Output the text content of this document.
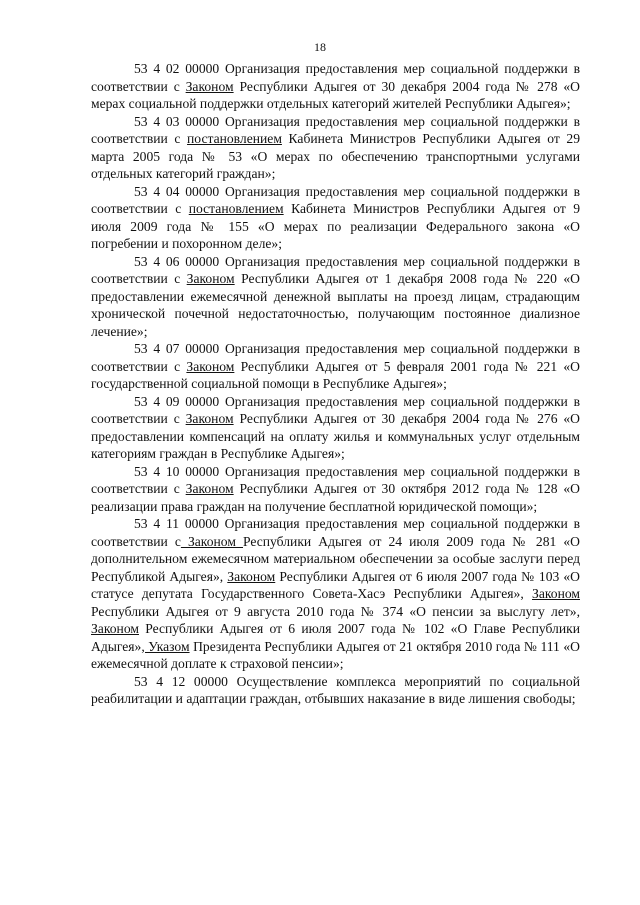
18

53 4 02 00000 Организация предоставления мер социальной поддержки в соответствии с Законом Республики Адыгея от 30 декабря 2004 года № 278 «О мерах социальной поддержки отдельных категорий жителей Республики Адыгея»;

53 4 03 00000 Организация предоставления мер социальной поддержки в соответствии с постановлением Кабинета Министров Республики Адыгея от 29 марта 2005 года № 53 «О мерах по обеспечению транспортными услугами отдельных категорий граждан»;

53 4 04 00000 Организация предоставления мер социальной поддержки в соответствии с постановлением Кабинета Министров Республики Адыгея от 9 июля 2009 года № 155 «О мерах по реализации Федерального закона «О погребении и похоронном деле»;

53 4 06 00000 Организация предоставления мер социальной поддержки в соответствии с Законом Республики Адыгея от 1 декабря 2008 года № 220 «О предоставлении ежемесячной денежной выплаты на проезд лицам, страдающим хронической почечной недостаточностью, получающим постоянное диализное лечение»;

53 4 07 00000 Организация предоставления мер социальной поддержки в соответствии с Законом Республики Адыгея от 5 февраля 2001 года № 221 «О государственной социальной помощи в Республике Адыгея»;

53 4 09 00000 Организация предоставления мер социальной поддержки в соответствии с Законом Республики Адыгея от 30 декабря 2004 года № 276 «О предоставлении компенсаций на оплату жилья и коммунальных услуг отдельным категориям граждан в Республике Адыгея»;

53 4 10 00000 Организация предоставления мер социальной поддержки в соответствии с Законом Республики Адыгея от 30 октября 2012 года № 128 «О реализации права граждан на получение бесплатной юридической помощи»;

53 4 11 00000 Организация предоставления мер социальной поддержки в соответствии с Законом Республики Адыгея от 24 июля 2009 года № 281 «О дополнительном ежемесячном материальном обеспечении за особые заслуги перед Республикой Адыгея», Законом Республики Адыгея от 6 июля 2007 года № 103 «О статусе депутата Государственного Совета-Хасэ Республики Адыгея», Законом Республики Адыгея от 9 августа 2010 года № 374 «О пенсии за выслугу лет», Законом Республики Адыгея от 6 июля 2007 года № 102 «О Главе Республики Адыгея», Указом Президента Республики Адыгея от 21 октября 2010 года № 111 «О ежемесячной доплате к страховой пенсии»;

53 4 12 00000 Осуществление комплекса мероприятий по социальной реабилитации и адаптации граждан, отбывших наказание в виде лишения свободы;
